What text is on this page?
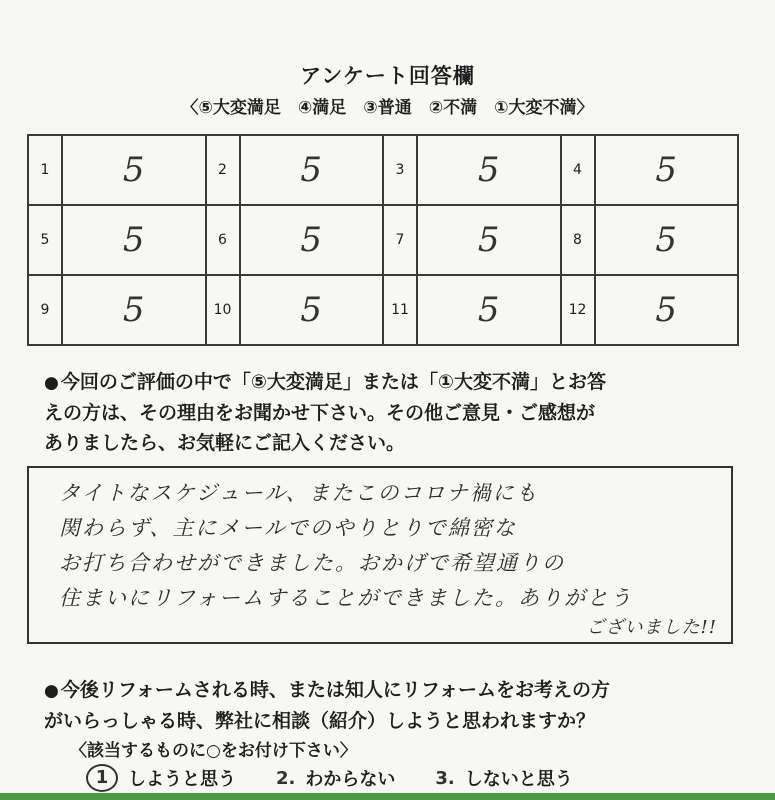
アンケート回答欄
〈⑤大変満足　④満足　③普通　②不満　①大変不満〉
1	5	2	5	3	5	4	5
5	5	6	5	7	5	8	5
9	5	10	5	11	5	12	5
● 今回のご評価の中で「⑤大変満足」または「①大変不満」とお答
えの方は、その理由をお聞かせ下さい。その他ご意見・ご感想が
ありましたら、お気軽にご記入ください。
タイトなスケジュール、またこのコロナ禍にも
関わらず、主にメールでのやりとりで綿密な
お打ち合わせができました。おかげで希望通りの
住まいにリフォームすることができました。ありがとう
ございました!!
● 今後リフォームされる時、または知人にリフォームをお考えの方
がいらっしゃる時、弊社に相談（紹介）しようと思われますか？
〈該当するものに○をお付け下さい〉
1	しようと思う 2. わからない 3. しないと思う
